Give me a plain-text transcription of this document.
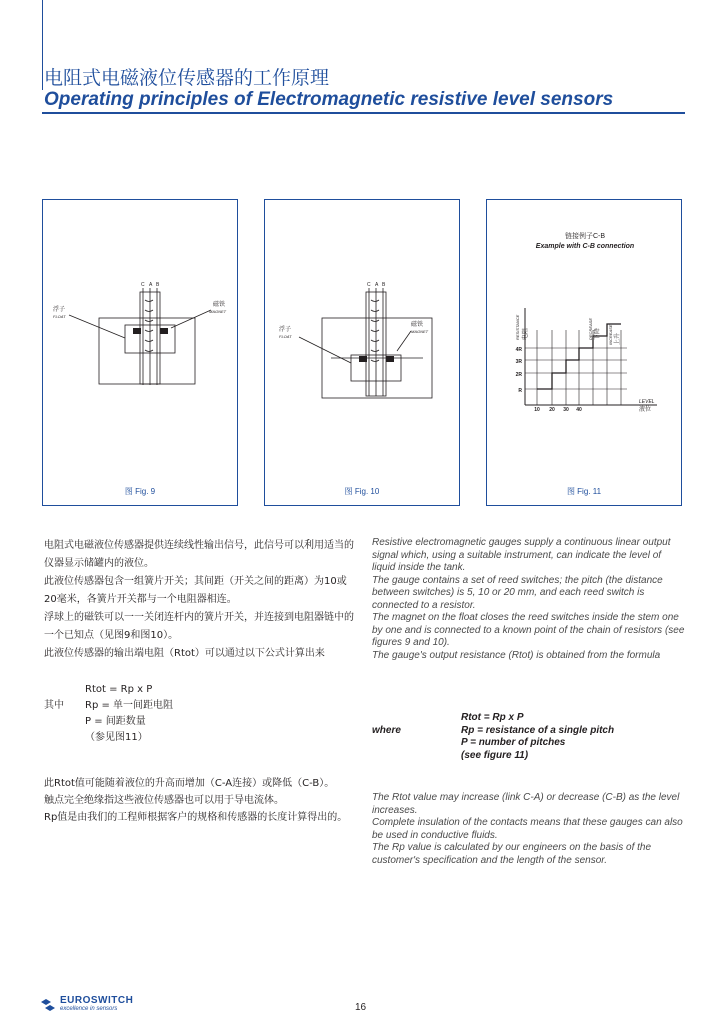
电阻式电磁液位传感器的工作原理
Operating principles of Electromagnetic resistive level sensors
C A B
浮子
FLOAT
磁铁
MAGNET
图 Fig. 9
C A B
浮子
FLOAT
磁铁
MAGNET
图 Fig. 10
链接例子C-B
Example with C-B connection
RESISTANCE 电阻	DECREASE 下降 INCREASE 上升
LEVEL
液位
4R
3R
2R
R
10 20 30 40
图 Fig. 11

电阻式电磁液位传感器提供连续线性输出信号，此信号可以利用适当的仪器显示储罐内的液位。

此液位传感器包含一组簧片开关；其间距（开关之间的距离）为10或20毫米，各簧片开关都与一个电阻器相连。

浮球上的磁铁可以一一关闭连杆内的簧片开关，并连接到电阻器链中的一个已知点（见图9和图10）。

此液位传感器的输出端电阻（Rtot）可以通过以下公式计算出来

Resistive electromagnetic gauges supply a continuous linear output signal which, using a suitable instrument, can indicate the level of liquid inside the tank.

The gauge contains a set of reed switches; the pitch (the distance between switches) is 5, 10 or 20 mm, and each reed switch is connected to a resistor.

The magnet on the float closes the reed switches inside the stem one by one and is connected to a known point of the chain of resistors (see figures 9 and 10).

The gauge's output resistance (Rtot) is obtained from the formula

Rtot = Rp x P
其中	Rp = 单一间距电阻
P = 间距数量
（参见图11）
Rtot = Rp x P
where	Rp = resistance of a single pitch
P = number of pitches
(see figure 11)

此Rtot值可能随着液位的升高而增加（C-A连接）或降低（C-B）。

触点完全绝缘指这些液位传感器也可以用于导电流体。

Rp值是由我们的工程师根据客户的规格和传感器的长度计算得出的。

The Rtot value may increase (link C-A) or decrease (C-B) as the level increases.

Complete insulation of the contacts means that these gauges can also be used in conductive fluids.

The Rp value is calculated by our engineers on the basis of the customer's specification and the length of the sensor.

EUROSWITCH
excellence in sensors	16
